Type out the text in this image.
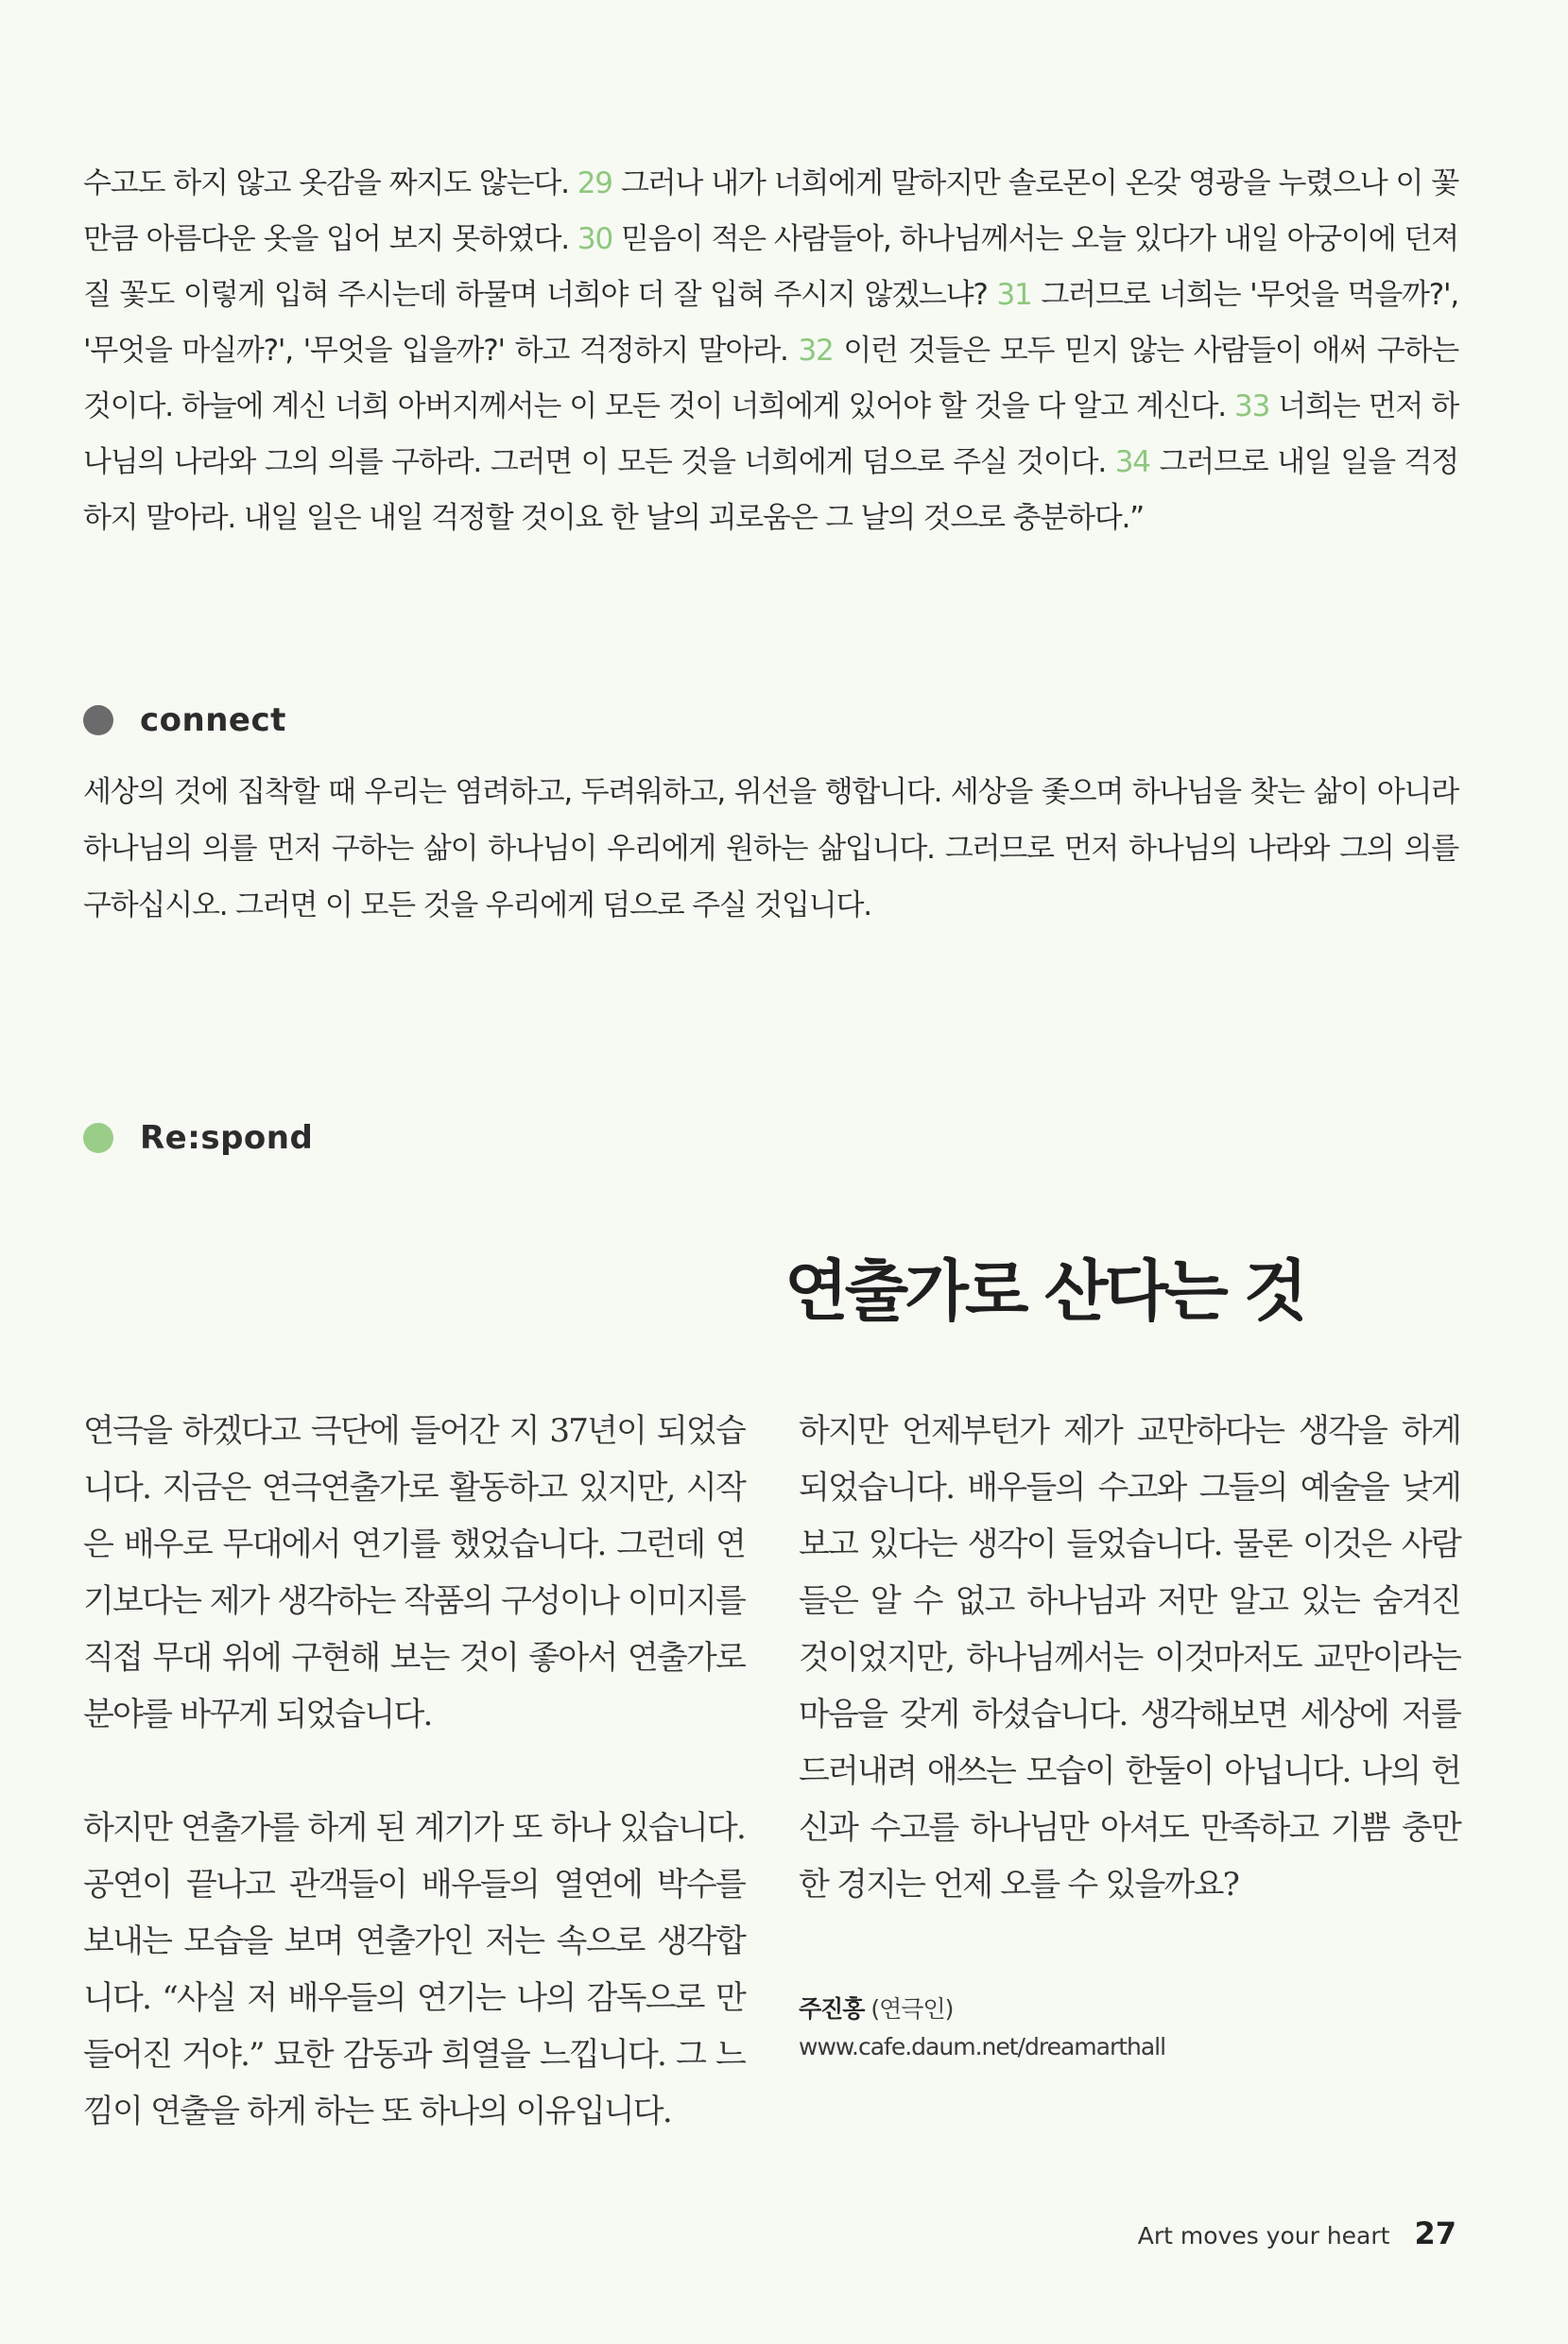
수고도 하지 않고 옷감을 짜지도 않는다. 29 그러나 내가 너희에게 말하지만 솔로몬이 온갖 영광을 누렸으나 이 꽃만큼 아름다운 옷을 입어 보지 못하였다. 30 믿음이 적은 사람들아, 하나님께서는 오늘 있다가 내일 아궁이에 던져질 꽃도 이렇게 입혀 주시는데 하물며 너희야 더 잘 입혀 주시지 않겠느냐? 31 그러므로 너희는 '무엇을 먹을까?', '무엇을 마실까?', '무엇을 입을까?' 하고 걱정하지 말아라. 32 이런 것들은 모두 믿지 않는 사람들이 애써 구하는 것이다. 하늘에 계신 너희 아버지께서는 이 모든 것이 너희에게 있어야 할 것을 다 알고 계신다. 33 너희는 먼저 하나님의 나라와 그의 의를 구하라. 그러면 이 모든 것을 너희에게 덤으로 주실 것이다. 34 그러므로 내일 일을 걱정하지 말아라. 내일 일은 내일 걱정할 것이요 한 날의 괴로움은 그 날의 것으로 충분하다.”
connect
세상의 것에 집착할 때 우리는 염려하고, 두려워하고, 위선을 행합니다. 세상을 좇으며 하나님을 찾는 삶이 아니라 하나님의 의를 먼저 구하는 삶이 하나님이 우리에게 원하는 삶입니다. 그러므로 먼저 하나님의 나라와 그의 의를 구하십시오. 그러면 이 모든 것을 우리에게 덤으로 주실 것입니다.
Re:spond
연출가로 산다는 것

연극을 하겠다고 극단에 들어간 지 37년이 되었습니다. 지금은 연극연출가로 활동하고 있지만, 시작은 배우로 무대에서 연기를 했었습니다. 그런데 연기보다는 제가 생각하는 작품의 구성이나 이미지를 직접 무대 위에 구현해 보는 것이 좋아서 연출가로 분야를 바꾸게 되었습니다.

하지만 연출가를 하게 된 계기가 또 하나 있습니다. 공연이 끝나고 관객들이 배우들의 열연에 박수를 보내는 모습을 보며 연출가인 저는 속으로 생각합니다. “사실 저 배우들의 연기는 나의 감독으로 만들어진 거야.” 묘한 감동과 희열을 느낍니다. 그 느낌이 연출을 하게 하는 또 하나의 이유입니다.

하지만 언제부턴가 제가 교만하다는 생각을 하게 되었습니다. 배우들의 수고와 그들의 예술을 낮게 보고 있다는 생각이 들었습니다. 물론 이것은 사람들은 알 수 없고 하나님과 저만 알고 있는 숨겨진 것이었지만, 하나님께서는 이것마저도 교만이라는 마음을 갖게 하셨습니다. 생각해보면 세상에 저를 드러내려 애쓰는 모습이 한둘이 아닙니다. 나의 헌신과 수고를 하나님만 아셔도 만족하고 기쁨 충만한 경지는 언제 오를 수 있을까요?

주진홍 (연극인)
www.cafe.daum.net/dreamarthall
Art moves your heart 27
